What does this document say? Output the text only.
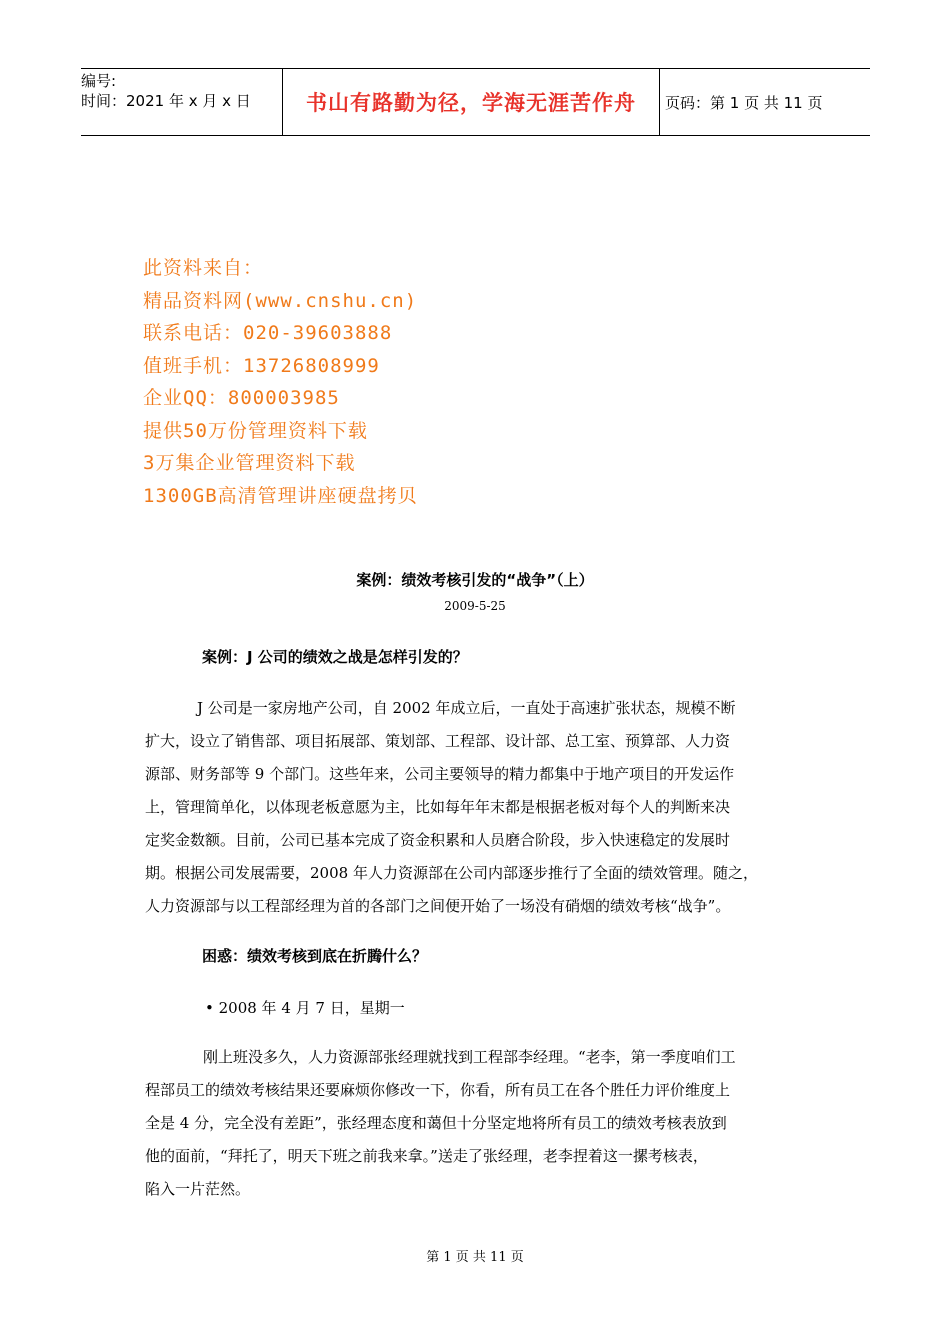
编号:
时间：2021 年 x 月 x 日	书山有路勤为径，学海无涯苦作舟	页码：第 1 页 共 11 页
此资料来自：
精品资料网(www.cnshu.cn)
联系电话：020-39603888
值班手机：13726808999
企业QQ：800003985
提供50万份管理资料下载
3万集企业管理资料下载
1300GB高清管理讲座硬盘拷贝
案例：绩效考核引发的“战争”（上）
2009-5-25
案例：J 公司的绩效之战是怎样引发的？
J 公司是一家房地产公司，自 2002 年成立后，一直处于高速扩张状态，规模不断
扩大，设立了销售部、项目拓展部、策划部、工程部、设计部、总工室、预算部、人力资
源部、财务部等 9 个部门。这些年来，公司主要领导的精力都集中于地产项目的开发运作
上，管理简单化，以体现老板意愿为主，比如每年年末都是根据老板对每个人的判断来决
定奖金数额。目前，公司已基本完成了资金积累和人员磨合阶段，步入快速稳定的发展时
期。根据公司发展需要，2008 年人力资源部在公司内部逐步推行了全面的绩效管理。随之，
人力资源部与以工程部经理为首的各部门之间便开始了一场没有硝烟的绩效考核“战争”。
困惑：绩效考核到底在折腾什么？
• 2008 年 4 月 7 日，星期一
刚上班没多久，人力资源部张经理就找到工程部李经理。“老李，第一季度咱们工
程部员工的绩效考核结果还要麻烦你修改一下，你看，所有员工在各个胜任力评价维度上
全是 4 分，完全没有差距”，张经理态度和蔼但十分坚定地将所有员工的绩效考核表放到
他的面前，“拜托了，明天下班之前我来拿。”送走了张经理，老李捏着这一摞考核表，
陷入一片茫然。
第 1 页 共 11 页
